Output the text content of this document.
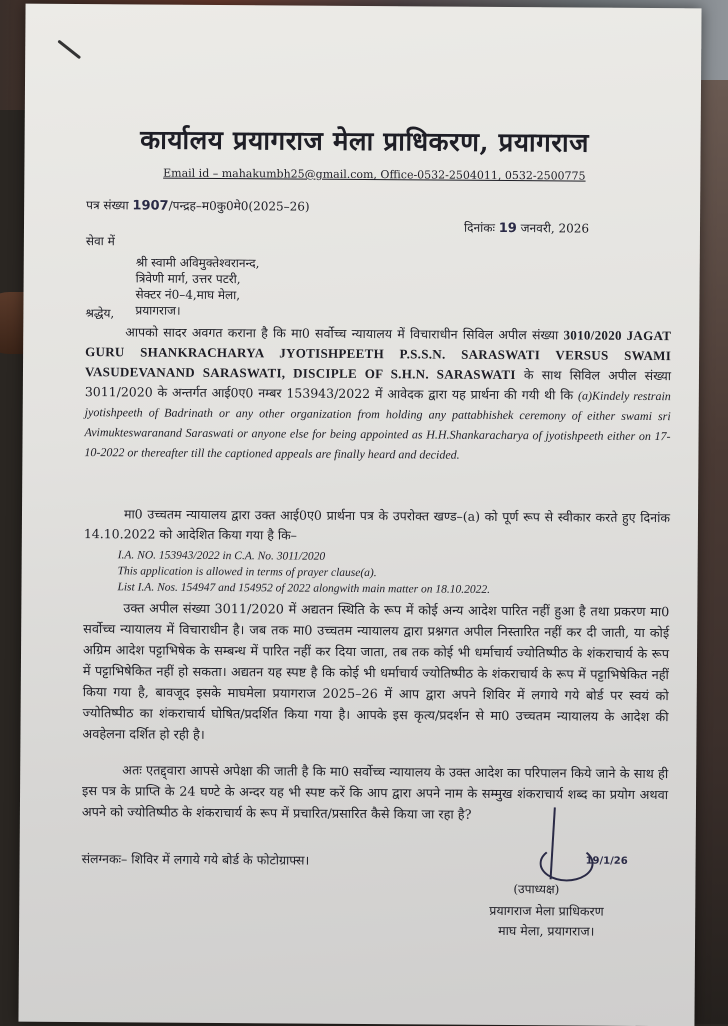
कार्यालय प्रयागराज मेला प्राधिकरण, प्रयागराज
Email id – mahakumbh25@gmail.com, Office-0532-2504011, 0532-2500775
पत्र संख्या 1907/पन्द्रह–म0कु0मे0(2025–26)
दिनांकः 19 जनवरी, 2026
सेवा में
श्री स्वामी अविमुक्तेश्वरानन्द,
त्रिवेणी मार्ग, उत्तर पटरी,
सेक्टर नं0–4,माघ मेला,
प्रयागराज।
श्रद्धेय,
आपको सादर अवगत कराना है कि मा0 सर्वोच्च न्यायालय में विचाराधीन सिविल अपील संख्या 3010/2020 JAGAT GURU SHANKRACHARYA JYOTISHPEETH P.S.S.N. SARASWATI VERSUS SWAMI VASUDEVANAND SARASWATI, DISCIPLE OF S.H.N. SARASWATI के साथ सिविल अपील संख्या 3011/2020 के अन्तर्गत आई0ए0 नम्बर 153943/2022 में आवेदक द्वारा यह प्रार्थना की गयी थी कि (a)Kindely restrain jyotishpeeth of Badrinath or any other organization from holding any pattabhishek ceremony of either swami sri Avimukteswaranand Saraswati or anyone else for being appointed as H.H.Shankaracharya of jyotishpeeth either on 17-10-2022 or thereafter till the captioned appeals are finally heard and decided.
मा0 उच्चतम न्यायालय द्वारा उक्त आई0ए0 प्रार्थना पत्र के उपरोक्त खण्ड–(a) को पूर्ण रूप से स्वीकार करते हुए दिनांक 14.10.2022 को आदेशित किया गया है कि–
I.A. NO. 153943/2022 in C.A. No. 3011/2020
This application is allowed in terms of prayer clause(a).
List I.A. Nos. 154947 and 154952 of 2022 alongwith main matter on 18.10.2022.
उक्त अपील संख्या 3011/2020 में अद्यतन स्थिति के रूप में कोई अन्य आदेश पारित नहीं हुआ है तथा प्रकरण मा0 सर्वोच्च न्यायालय में विचाराधीन है। जब तक मा0 उच्चतम न्यायालय द्वारा प्रश्नगत अपील निस्तारित नहीं कर दी जाती, या कोई अग्रिम आदेश पट्टाभिषेक के सम्बन्ध में पारित नहीं कर दिया जाता, तब तक कोई भी धर्माचार्य ज्योतिष्पीठ के शंकराचार्य के रूप में पट्टाभिषेकित नहीं हो सकता। अद्यतन यह स्पष्ट है कि कोई भी धर्माचार्य ज्योतिष्पीठ के शंकराचार्य के रूप में पट्टाभिषेकित नहीं किया गया है, बावजूद इसके माघमेला प्रयागराज 2025–26 में आप द्वारा अपने शिविर में लगाये गये बोर्ड पर स्वयं को ज्योतिष्पीठ का शंकराचार्य घोषित/प्रदर्शित किया गया है। आपके इस कृत्य/प्रदर्शन से मा0 उच्चतम न्यायालय के आदेश की अवहेलना दर्शित हो रही है।
अतः एतद्द्वारा आपसे अपेक्षा की जाती है कि मा0 सर्वोच्च न्यायालय के उक्त आदेश का परिपालन किये जाने के साथ ही इस पत्र के प्राप्ति के 24 घण्टे के अन्दर यह भी स्पष्ट करें कि आप द्वारा अपने नाम के सम्मुख शंकराचार्य शब्द का प्रयोग अथवा अपने को ज्योतिष्पीठ के शंकराचार्य के रूप में प्रचारित/प्रसारित कैसे किया जा रहा है?
संलग्नकः– शिविर में लगाये गये बोर्ड के फोटोग्राफ्स।	19/1/26
(उपाध्यक्ष)
प्रयागराज मेला प्राधिकरण
माघ मेला, प्रयागराज।
